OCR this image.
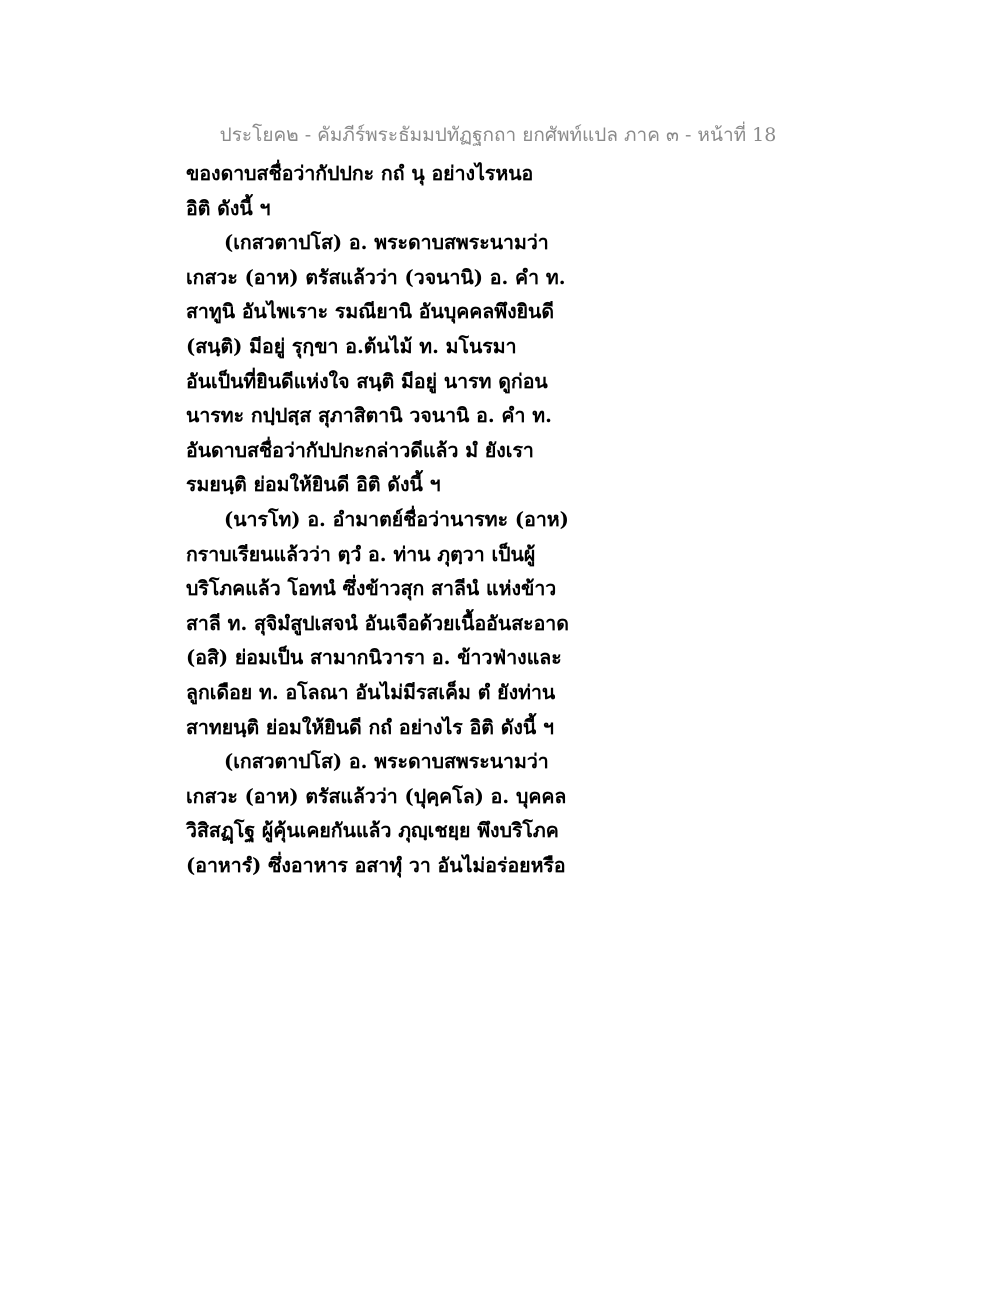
ประโยค๒ - คัมภีร์พระธัมมปทัฏฐกถา ยกศัพท์แปล ภาค ๓ - หน้าที่ 18
ของดาบสชื่อว่ากัปปกะ กถํ นุ อย่างไรหนอ
อิติ ดังนี้ ฯ
(เกสวตาปโส) อ. พระดาบสพระนามว่า
เกสวะ (อาห) ตรัสแล้วว่า (วจนานิ) อ. คำ ท.
สาทูนิ อันไพเราะ รมณียานิ อันบุคคลพึงยินดี
(สนฺติ) มีอยู่ รุกฺขา อ.ต้นไม้ ท. มโนรมา
อันเป็นที่ยินดีแห่งใจ สนฺติ มีอยู่ นารท ดูก่อน
นารทะ กปฺปสฺส สุภาสิตานิ วจนานิ อ. คำ ท.
อันดาบสชื่อว่ากัปปกะกล่าวดีแล้ว มํ ยังเรา
รมยนฺติ ย่อมให้ยินดี อิติ ดังนี้ ฯ
(นารโท) อ. อำมาตย์ชื่อว่านารทะ (อาห)
กราบเรียนแล้วว่า ตฺวํ อ. ท่าน ภุตฺวา เป็นผู้
บริโภคแล้ว โอทนํ ซึ่งข้าวสุก สาลีนํ แห่งข้าว
สาลี ท. สุจิมํสูปเสจนํ อันเจือด้วยเนื้ออันสะอาด
(อสิ) ย่อมเป็น สามากนิวารา อ. ข้าวฟ่างและ
ลูกเดือย ท. อโลณา อันไม่มีรสเค็ม ตํ ยังท่าน
สาทยนฺติ ย่อมให้ยินดี กถํ อย่างไร อิติ ดังนี้ ฯ
(เกสวตาปโส) อ. พระดาบสพระนามว่า
เกสวะ (อาห) ตรัสแล้วว่า (ปุคฺคโล) อ. บุคคล
วิสิสฏฺโฐ ผู้คุ้นเคยกันแล้ว ภุญฺเชยฺย พึงบริโภค
(อาหารํ) ซึ่งอาหาร อสาทุํ วา อันไม่อร่อยหรือ
